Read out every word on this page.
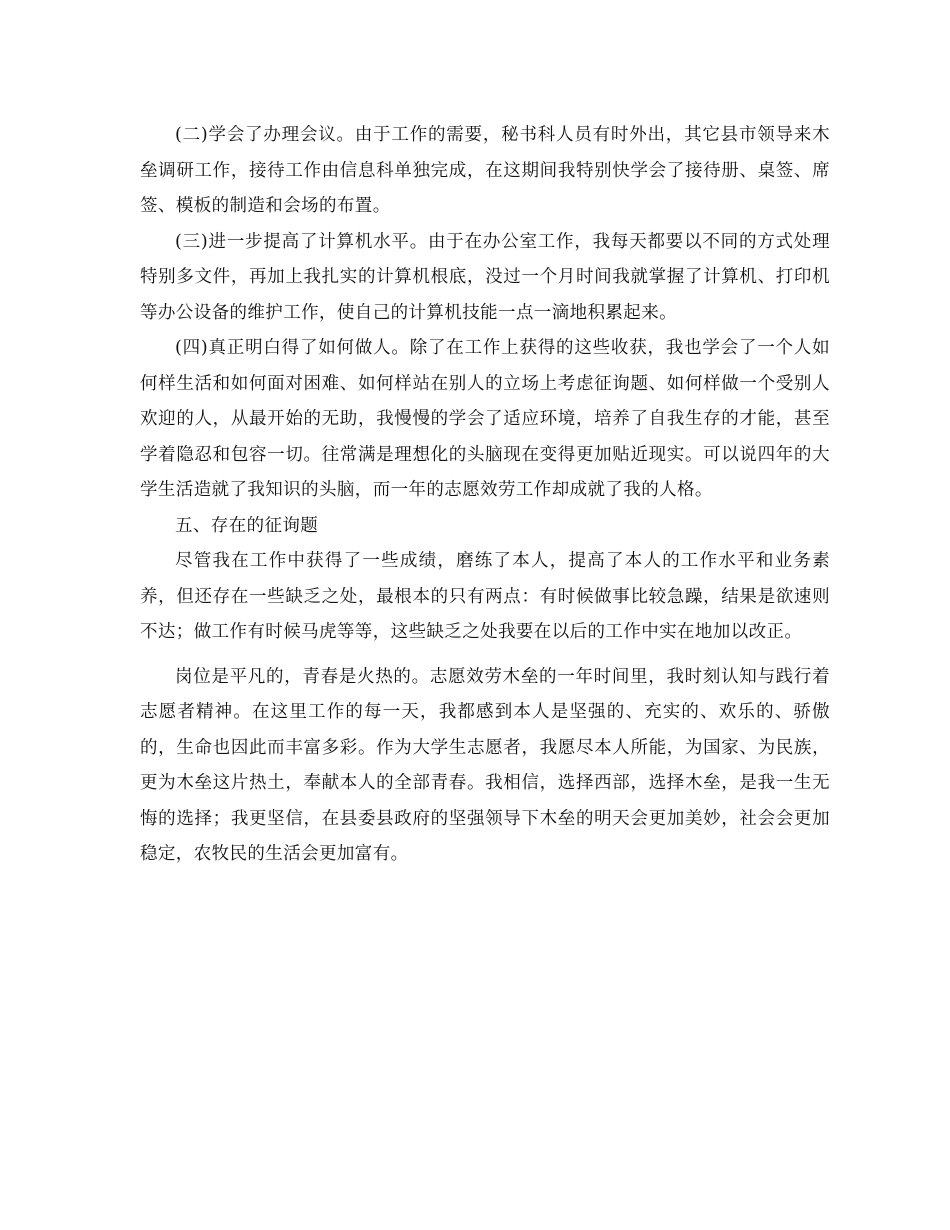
(二)学会了办理会议。由于工作的需要，秘书科人员有时外出，其它县市领导来木垒调研工作，接待工作由信息科单独完成，在这期间我特别快学会了接待册、桌签、席签、模板的制造和会场的布置。

(三)进一步提高了计算机水平。由于在办公室工作，我每天都要以不同的方式处理特别多文件，再加上我扎实的计算机根底，没过一个月时间我就掌握了计算机、打印机等办公设备的维护工作，使自己的计算机技能一点一滴地积累起来。

(四)真正明白得了如何做人。除了在工作上获得的这些收获，我也学会了一个人如何样生活和如何面对困难、如何样站在别人的立场上考虑征询题、如何样做一个受别人欢迎的人，从最开始的无助，我慢慢的学会了适应环境，培养了自我生存的才能，甚至学着隐忍和包容一切。往常满是理想化的头脑现在变得更加贴近现实。可以说四年的大学生活造就了我知识的头脑，而一年的志愿效劳工作却成就了我的人格。

五、存在的征询题

尽管我在工作中获得了一些成绩，磨练了本人，提高了本人的工作水平和业务素养，但还存在一些缺乏之处，最根本的只有两点：有时候做事比较急躁，结果是欲速则不达；做工作有时候马虎等等，这些缺乏之处我要在以后的工作中实在地加以改正。

岗位是平凡的，青春是火热的。志愿效劳木垒的一年时间里，我时刻认知与践行着志愿者精神。在这里工作的每一天，我都感到本人是坚强的、充实的、欢乐的、骄傲的，生命也因此而丰富多彩。作为大学生志愿者，我愿尽本人所能，为国家、为民族，更为木垒这片热土，奉献本人的全部青春。我相信，选择西部，选择木垒，是我一生无悔的选择；我更坚信，在县委县政府的坚强领导下木垒的明天会更加美妙，社会会更加稳定，农牧民的生活会更加富有。
